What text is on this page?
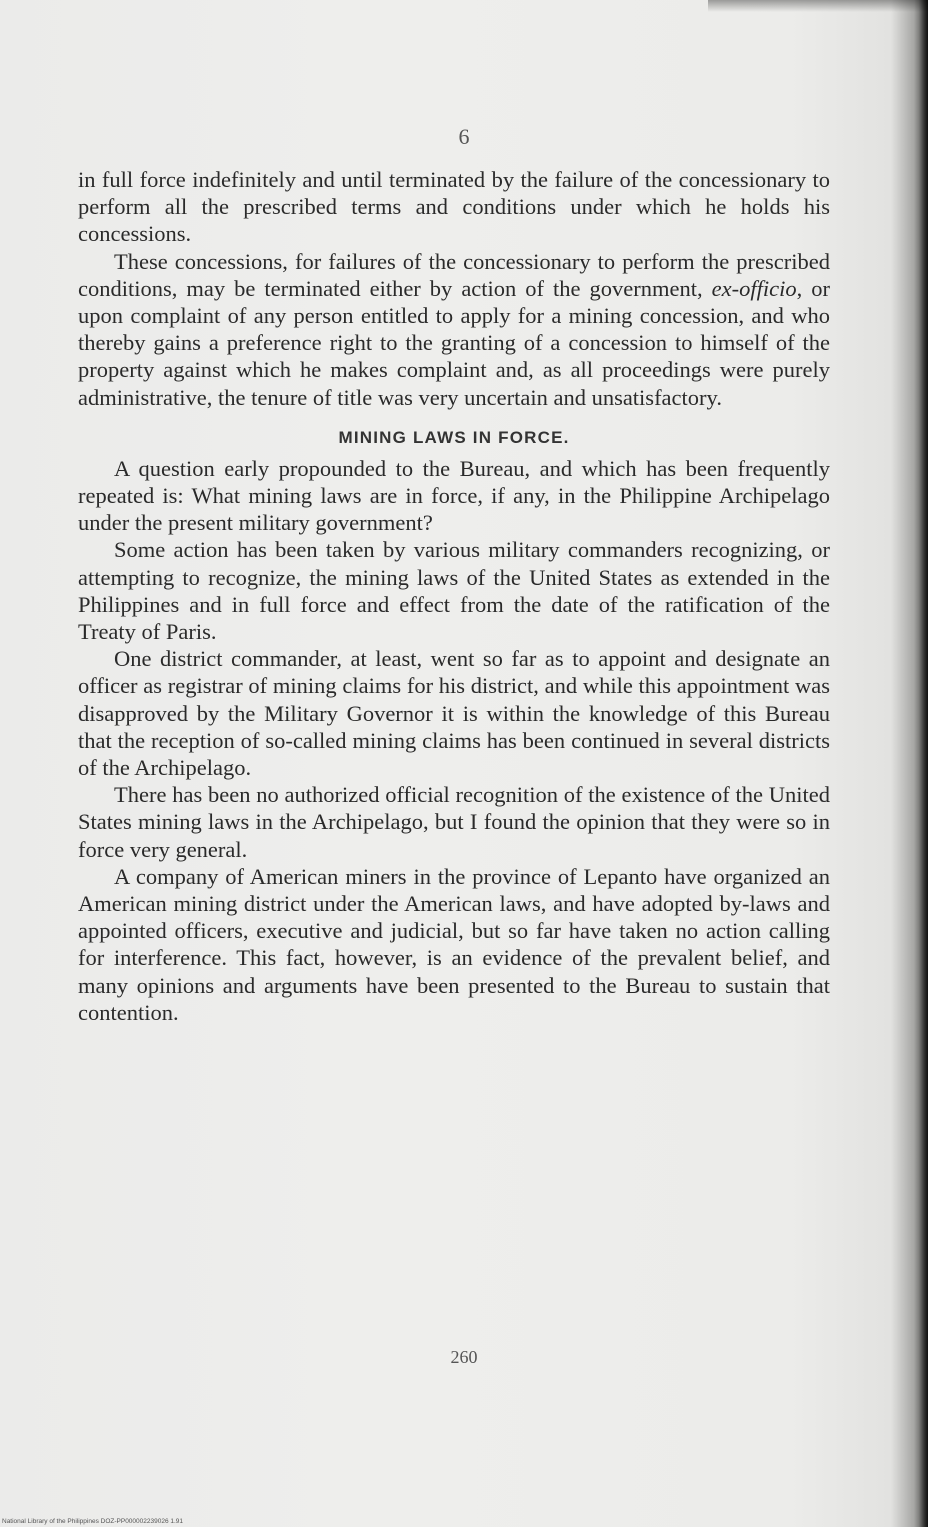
6

in full force indefinitely and until terminated by the failure of the concessionary to perform all the prescribed terms and conditions under which he holds his concessions.

These concessions, for failures of the concessionary to perform the prescribed conditions, may be terminated either by action of the government, ex-officio, or upon complaint of any person entitled to apply for a mining concession, and who thereby gains a preference right to the granting of a concession to himself of the property against which he makes complaint and, as all proceedings were purely administrative, the tenure of title was very uncertain and unsatisfactory.

MINING LAWS IN FORCE.

A question early propounded to the Bureau, and which has been frequently repeated is: What mining laws are in force, if any, in the Philippine Archipelago under the present military government?

Some action has been taken by various military commanders recognizing, or attempting to recognize, the mining laws of the United States as extended in the Philippines and in full force and effect from the date of the ratification of the Treaty of Paris.

One district commander, at least, went so far as to appoint and designate an officer as registrar of mining claims for his district, and while this appointment was disapproved by the Military Governor it is within the knowledge of this Bureau that the reception of so-called mining claims has been continued in several districts of the Archipelago.

There has been no authorized official recognition of the existence of the United States mining laws in the Archipelago, but I found the opinion that they were so in force very general.

A company of American miners in the province of Lepanto have organized an American mining district under the American laws, and have adopted by-laws and appointed officers, executive and judicial, but so far have taken no action calling for interference. This fact, however, is an evidence of the prevalent belief, and many opinions and arguments have been presented to the Bureau to sustain that contention.

260
National Library of the Philippines DOZ-PP000002239026 1.91
